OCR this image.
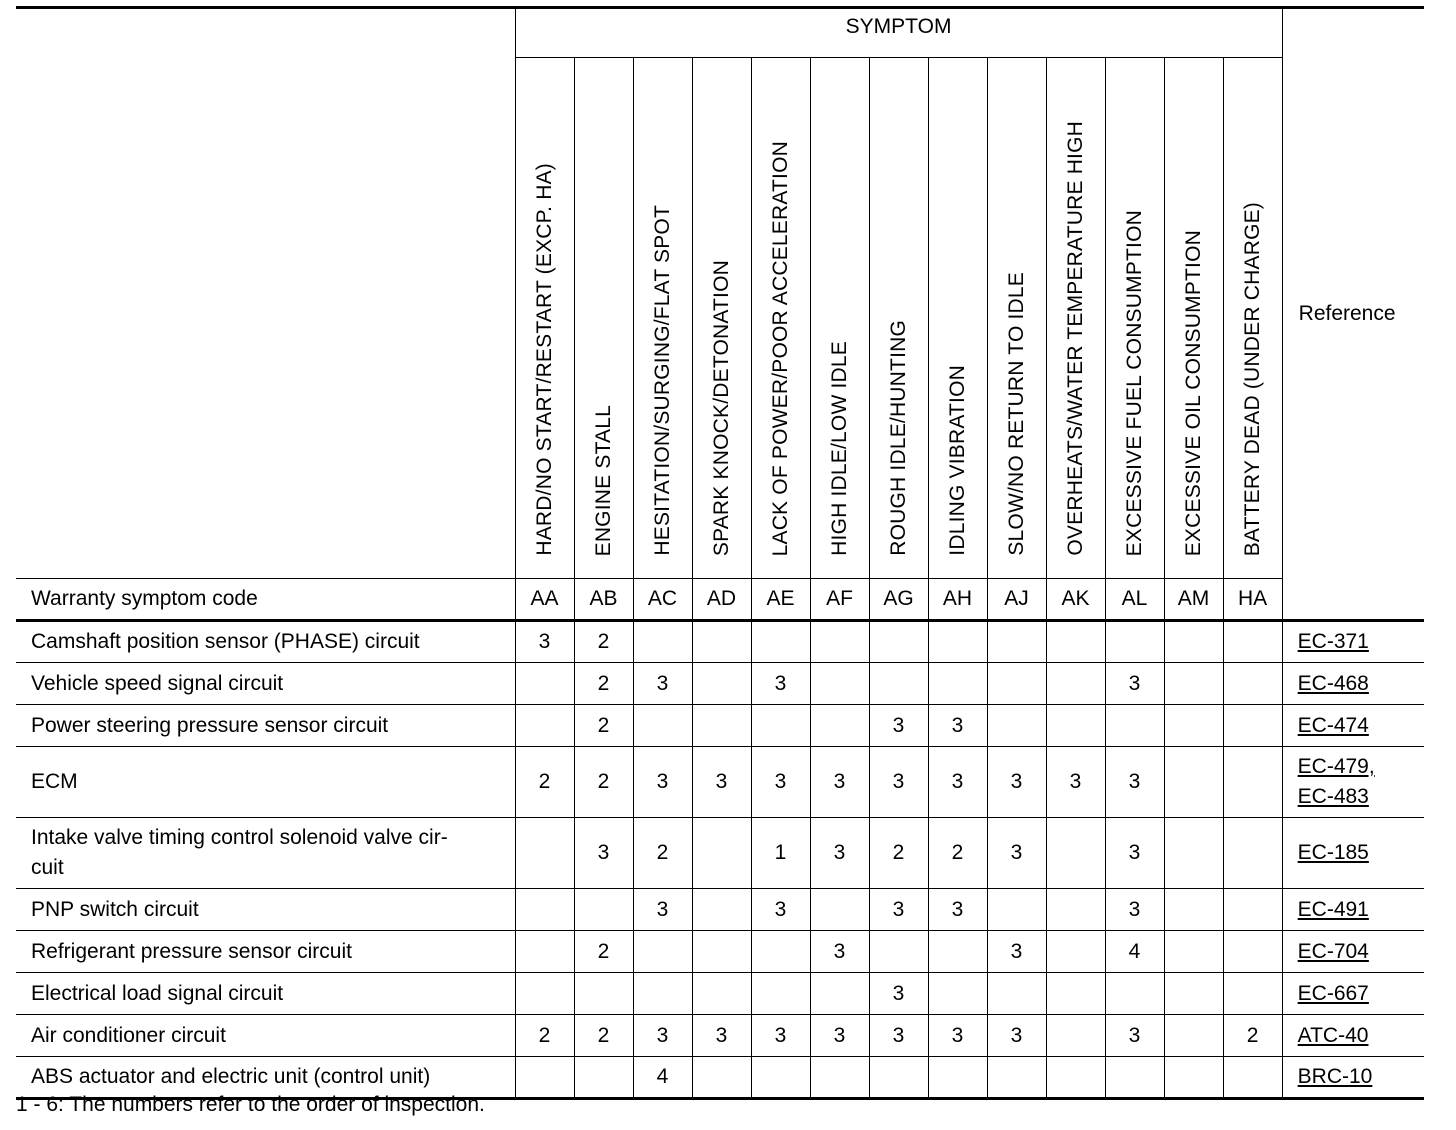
	SYMPTOM													Reference
	HARD/NO START/RESTART (EXCP. HA)	ENGINE STALL	HESITATION/SURGING/FLAT SPOT	SPARK KNOCK/DETONATION	LACK OF POWER/POOR ACCELERATION	HIGH IDLE/LOW IDLE	ROUGH IDLE/HUNTING	IDLING VIBRATION	SLOW/NO RETURN TO IDLE	OVERHEATS/WATER TEMPERATURE HIGH	EXCESSIVE FUEL CONSUMPTION	EXCESSIVE OIL CONSUMPTION	BATTERY DEAD (UNDER CHARGE)	
Warranty symptom code	AA	AB	AC	AD	AE	AF	AG	AH	AJ	AK	AL	AM	HA	

Camshaft position sensor (PHASE) circuit	3	2												EC-371

Vehicle speed signal circuit		2	3		3						3			EC-468

Power steering pressure sensor circuit		2					3	3						EC-474

ECM	2	2	3	3	3	3	3	3	3	3	3			EC-479,
EC-483

Intake valve timing control solenoid valve cir-
cuit		3	2		1	3	2	2	3		3			EC-185

PNP switch circuit			3		3		3	3			3			EC-491

Refrigerant pressure sensor circuit		2				3			3		4			EC-704

Electrical load signal circuit							3							EC-667

Air conditioner circuit	2	2	3	3	3	3	3	3	3		3		2	ATC-40

ABS actuator and electric unit (control unit)			4											BRC-10
1 - 6: The numbers refer to the order of inspection.
